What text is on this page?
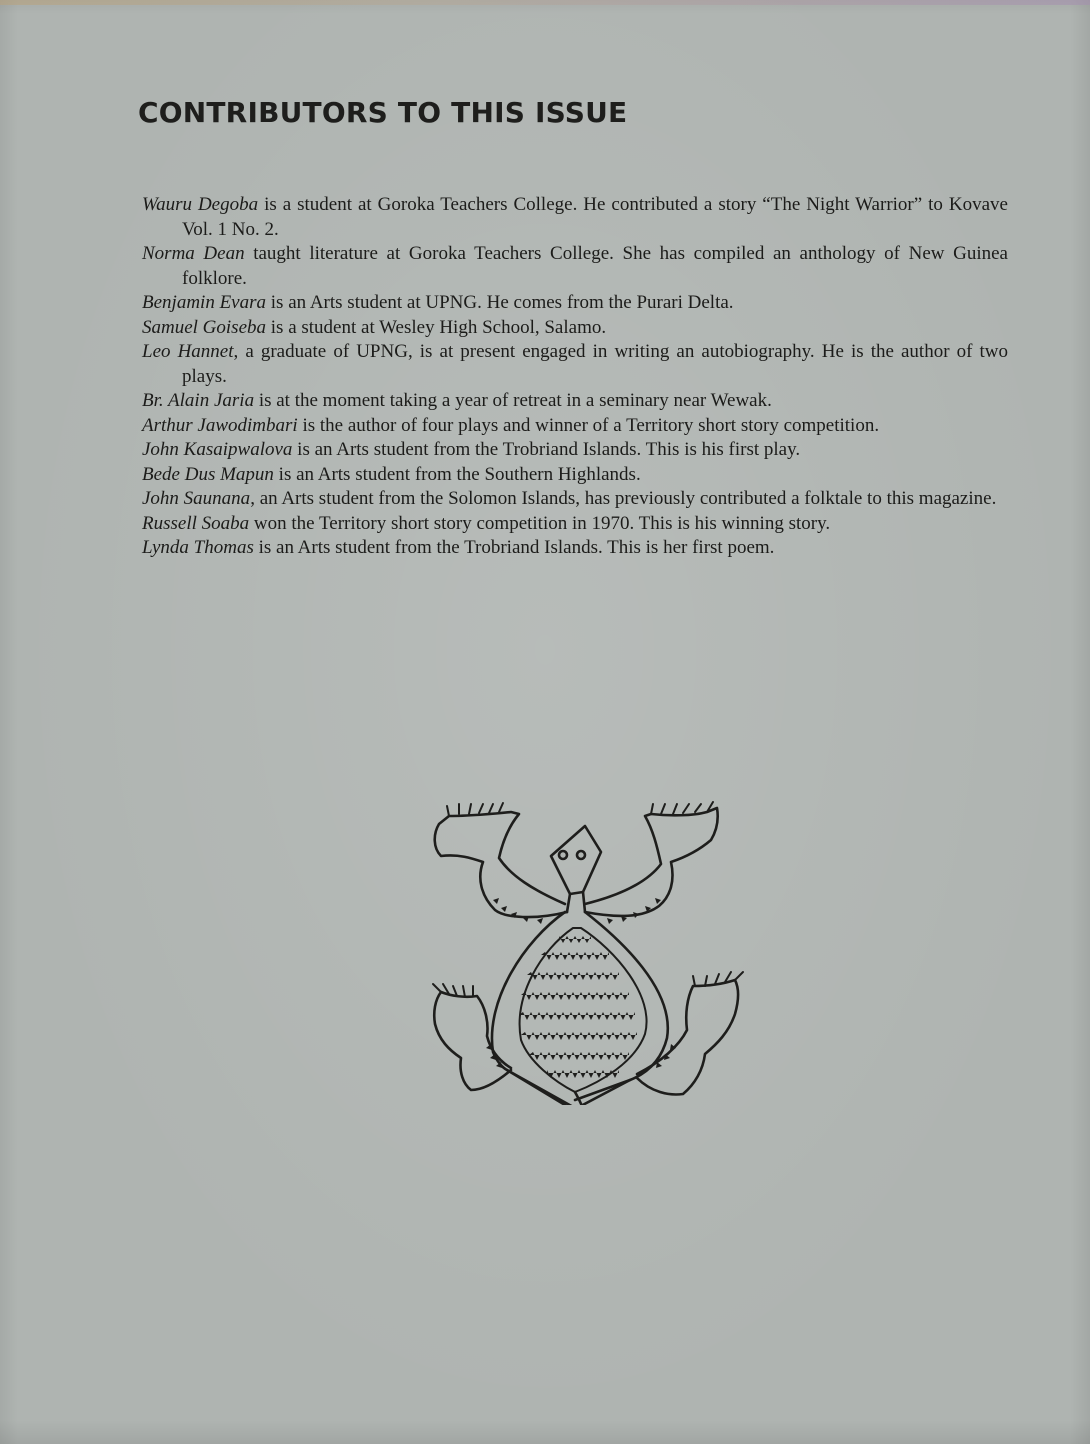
CONTRIBUTORS TO THIS ISSUE
Wauru Degoba is a student at Goroka Teachers College. He contributed a story “The Night Warrior” to Kovave Vol. 1 No. 2.
Norma Dean taught literature at Goroka Teachers College. She has compiled an anthology of New Guinea folklore.
Benjamin Evara is an Arts student at UPNG. He comes from the Purari Delta.
Samuel Goiseba is a student at Wesley High School, Salamo.
Leo Hannet, a graduate of UPNG, is at present engaged in writing an autobiography. He is the author of two plays.
Br. Alain Jaria is at the moment taking a year of retreat in a seminary near Wewak.
Arthur Jawodimbari is the author of four plays and winner of a Territory short story competition.
John Kasaipwalova is an Arts student from the Trobriand Islands. This is his first play.
Bede Dus Mapun is an Arts student from the Southern Highlands.
John Saunana, an Arts student from the Solomon Islands, has previously contributed a folktale to this magazine.
Russell Soaba won the Territory short story competition in 1970. This is his winning story.
Lynda Thomas is an Arts student from the Trobriand Islands. This is her first poem.
